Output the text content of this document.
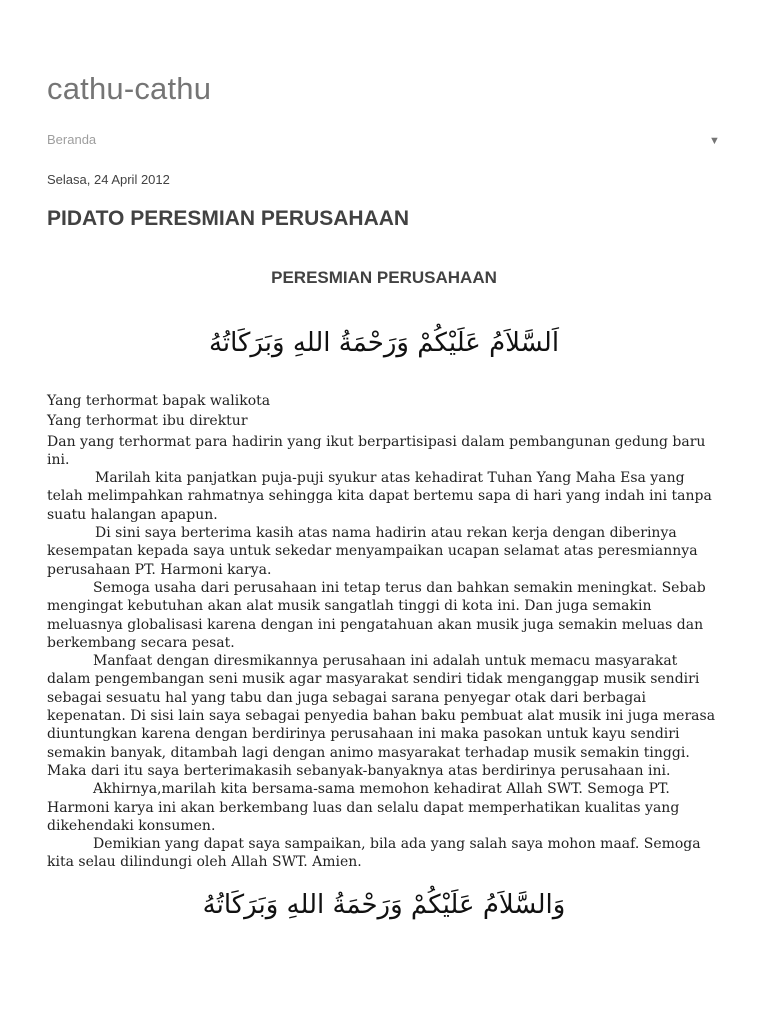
cathu-cathu
Beranda	▼
Selasa, 24 April 2012
PIDATO PERESMIAN PERUSAHAAN
PERESMIAN PERUSAHAAN
اَلسَّلاَمُ عَلَيْكُمْ وَرَحْمَةُ اللهِ وَبَرَكَاتُهُ

Yang terhormat bapak walikota

Yang terhormat ibu direktur

Dan yang terhormat para hadirin yang ikut berpartisipasi dalam pembangunan gedung baru ini.

Marilah kita panjatkan puja-puji syukur atas kehadirat Tuhan Yang Maha Esa yang telah melimpahkan rahmatnya sehingga kita dapat bertemu sapa di hari yang indah ini tanpa suatu halangan apapun.

Di sini saya berterima kasih atas nama hadirin atau rekan kerja dengan diberinya kesempatan kepada saya untuk sekedar menyampaikan ucapan selamat atas peresmiannya perusahaan PT. Harmoni karya.

Semoga usaha dari perusahaan ini tetap terus dan bahkan semakin meningkat. Sebab mengingat kebutuhan akan alat musik sangatlah tinggi di kota ini. Dan juga semakin meluasnya globalisasi karena dengan ini pengatahuan akan musik juga semakin meluas dan berkembang secara pesat.

Manfaat dengan diresmikannya perusahaan ini adalah untuk memacu masyarakat dalam pengembangan seni musik agar masyarakat sendiri tidak menganggap musik sendiri sebagai sesuatu hal yang tabu dan juga sebagai sarana penyegar otak dari berbagai kepenatan. Di sisi lain saya sebagai penyedia bahan baku pembuat alat musik ini juga merasa diuntungkan karena dengan berdirinya perusahaan ini maka pasokan untuk kayu sendiri semakin banyak, ditambah lagi dengan animo masyarakat terhadap musik semakin tinggi. Maka dari itu saya berterimakasih sebanyak-banyaknya atas berdirinya perusahaan ini.

Akhirnya,marilah kita bersama-sama memohon kehadirat Allah SWT. Semoga PT. Harmoni karya ini akan berkembang luas dan selalu dapat memperhatikan kualitas yang dikehendaki konsumen.

Demikian yang dapat saya sampaikan, bila ada yang salah saya mohon maaf. Semoga kita selau dilindungi oleh Allah SWT. Amien.

وَالسَّلاَمُ عَلَيْكُمْ وَرَحْمَةُ اللهِ وَبَرَكَاتُهُ
